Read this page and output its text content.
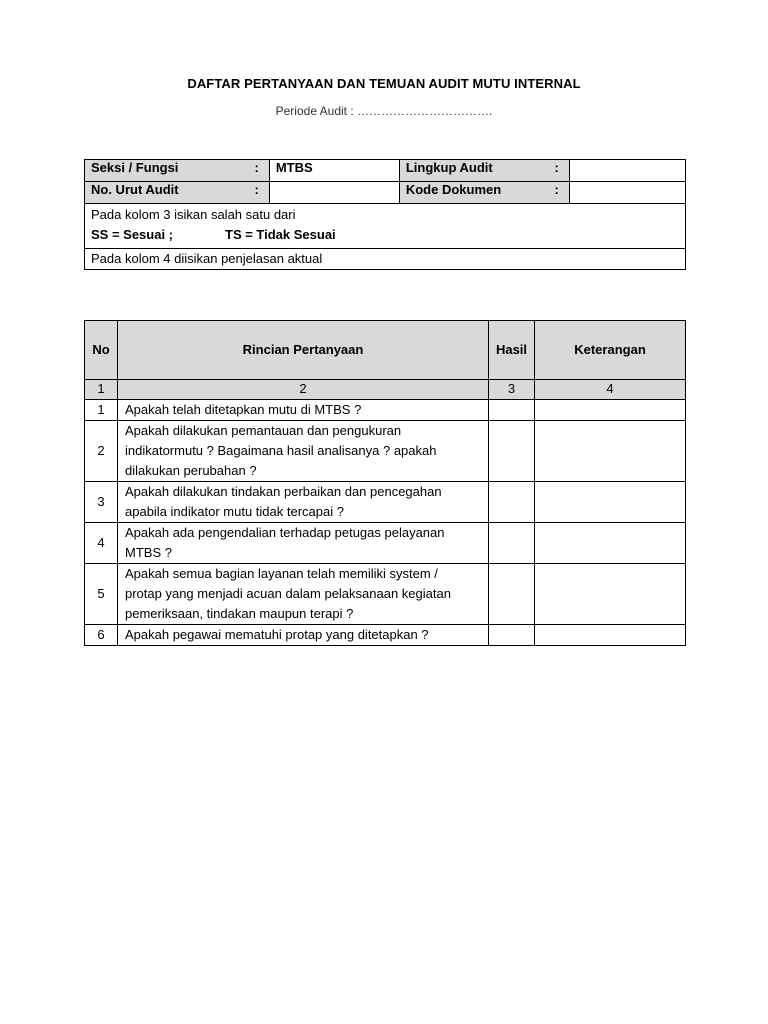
DAFTAR PERTANYAAN DAN TEMUAN AUDIT MUTU INTERNAL
Periode Audit : …………………………….
Seksi / Fungsi	:	MTBS	Lingkup Audit	:	
No. Urut Audit	:		Kode Dokumen	:	

Pada kolom 3 isikan salah satu dari
SS = Sesuai ; TS = Tidak Sesuai					

Pada kolom 4 diisikan penjelasan aktual					
No	Rincian Pertanyaan	Hasil	Keterangan
1	2	3	4
1	Apakah telah ditetapkan mutu di MTBS ?		

2	Apakah dilakukan pemantauan dan pengukuran
indikatormutu ? Bagaimana hasil analisanya ? apakah
dilakukan perubahan ?		

3	Apakah dilakukan tindakan perbaikan dan pencegahan
apabila indikator mutu tidak tercapai ?		

4	Apakah ada pengendalian terhadap petugas pelayanan
MTBS ?		

5	Apakah semua bagian layanan telah memiliki system /
protap yang menjadi acuan dalam pelaksanaan kegiatan
pemeriksaan, tindakan maupun terapi ?		

6	Apakah pegawai mematuhi protap yang ditetapkan ?		
